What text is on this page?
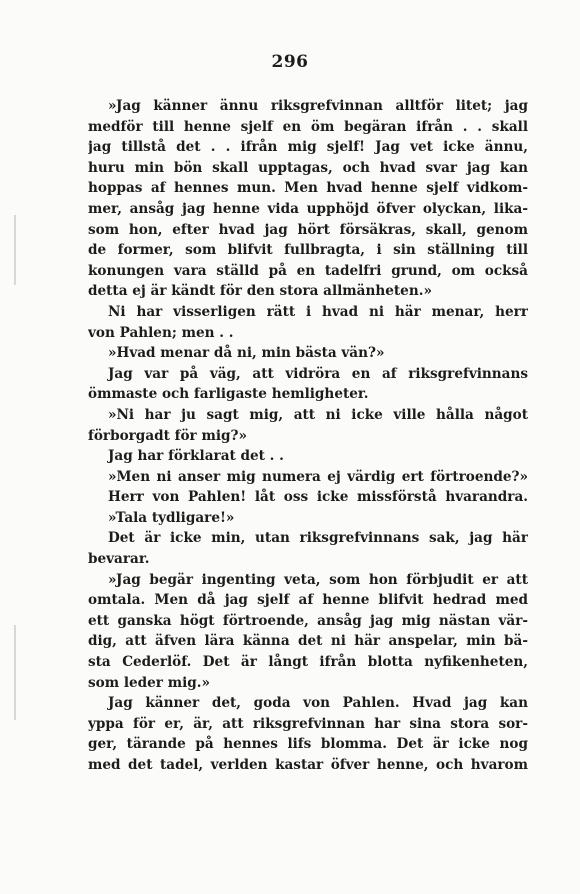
296
»Jag känner ännu riksgrefvinnan alltför litet; jag
medför till henne sjelf en öm begäran ifrån . . skall
jag tillstå det . . ifrån mig sjelf! Jag vet icke ännu,
huru min bön skall upptagas, och hvad svar jag kan
hoppas af hennes mun. Men hvad henne sjelf vidkom-
mer, ansåg jag henne vida upphöjd öfver olyckan, lika-
som hon, efter hvad jag hört försäkras, skall, genom
de former, som blifvit fullbragta, i sin ställning till
konungen vara ställd på en tadelfri grund, om också
detta ej är kändt för den stora allmänheten.»
Ni har visserligen rätt i hvad ni här menar, herr
von Pahlen; men . .
»Hvad menar då ni, min bästa vän?»
Jag var på väg, att vidröra en af riksgrefvinnans
ömmaste och farligaste hemligheter.
»Ni har ju sagt mig, att ni icke ville hålla något
förborgadt för mig?»
Jag har förklarat det . .
»Men ni anser mig numera ej värdig ert förtroende?»
Herr von Pahlen! låt oss icke missförstå hvarandra.
»Tala tydligare!»
Det är icke min, utan riksgrefvinnans sak, jag här
bevarar.
»Jag begär ingenting veta, som hon förbjudit er att
omtala. Men då jag sjelf af henne blifvit hedrad med
ett ganska högt förtroende, ansåg jag mig nästan vär-
dig, att äfven lära känna det ni här anspelar, min bä-
sta Cederlöf. Det är långt ifrån blotta nyfikenheten,
som leder mig.»
Jag känner det, goda von Pahlen. Hvad jag kan
yppa för er, är, att riksgrefvinnan har sina stora sor-
ger, tärande på hennes lifs blomma. Det är icke nog
med det tadel, verlden kastar öfver henne, och hvarom
